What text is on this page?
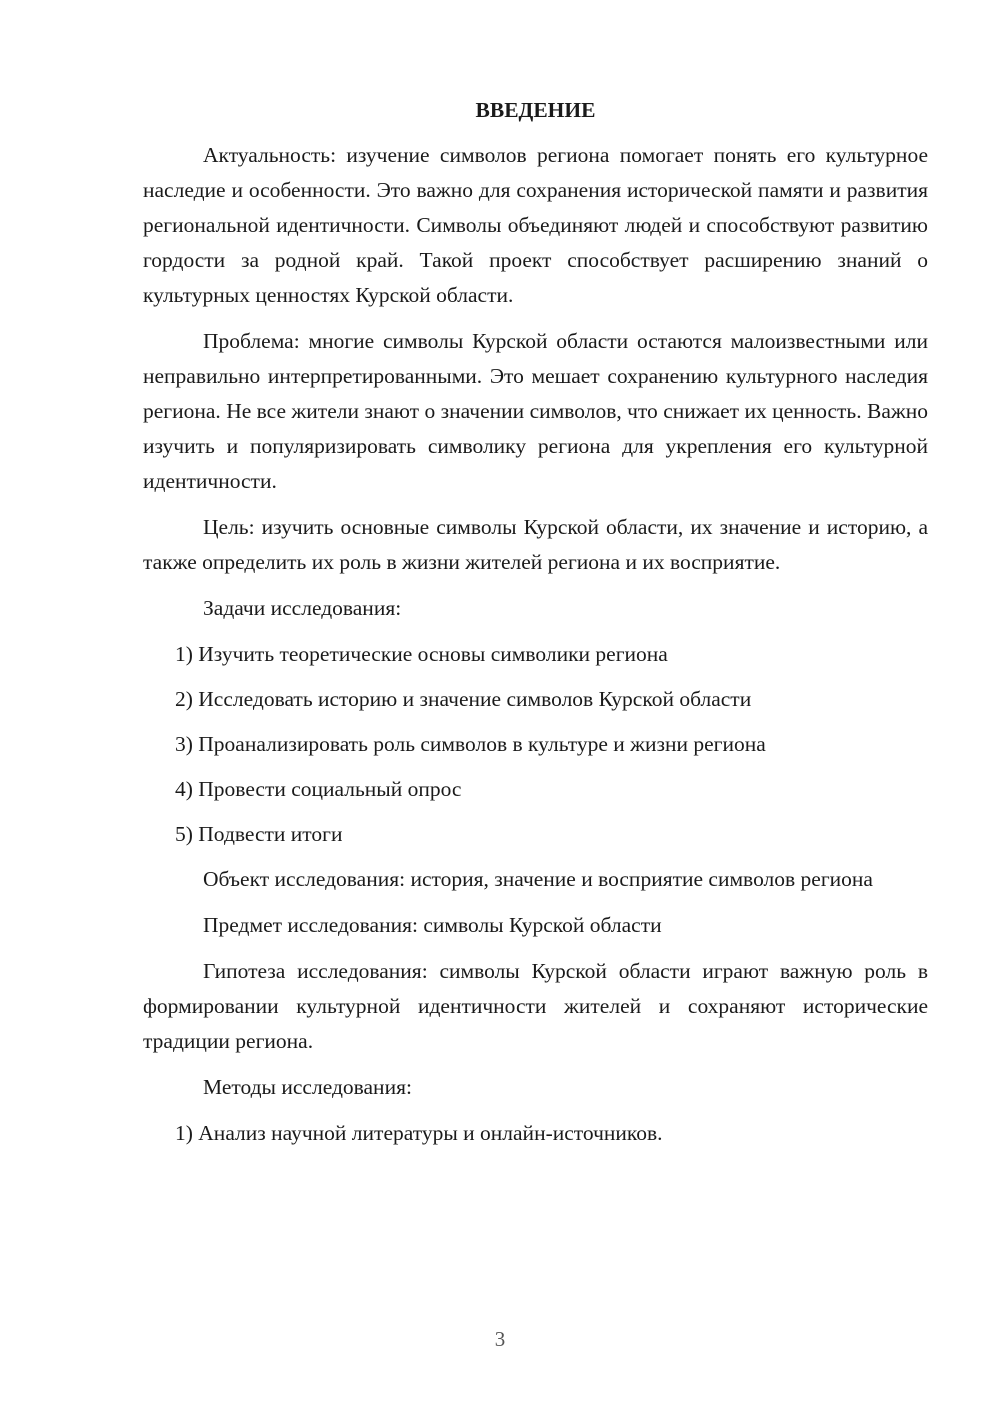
ВВЕДЕНИЕ

Актуальность: изучение символов региона помогает понять его культурное наследие и особенности. Это важно для сохранения исторической памяти и развития региональной идентичности. Символы объединяют людей и способствуют развитию гордости за родной край. Такой проект способствует расширению знаний о культурных ценностях Курской области.

Проблема: многие символы Курской области остаются малоизвестными или неправильно интерпретированными. Это мешает сохранению культурного наследия региона. Не все жители знают о значении символов, что снижает их ценность. Важно изучить и популяризировать символику региона для укрепления его культурной идентичности.

Цель: изучить основные символы Курской области, их значение и историю, а также определить их роль в жизни жителей региона и их восприятие.

Задачи исследования:

1) Изучить теоретические основы символики региона
2) Исследовать историю и значение символов Курской области
3) Проанализировать роль символов в культуре и жизни региона
4) Провести социальный опрос
5) Подвести итоги

Объект исследования: история, значение и восприятие символов региона

Предмет исследования: символы Курской области

Гипотеза исследования: символы Курской области играют важную роль в формировании культурной идентичности жителей и сохраняют исторические традиции региона.

Методы исследования:

1) Анализ научной литературы и онлайн-источников.
3
